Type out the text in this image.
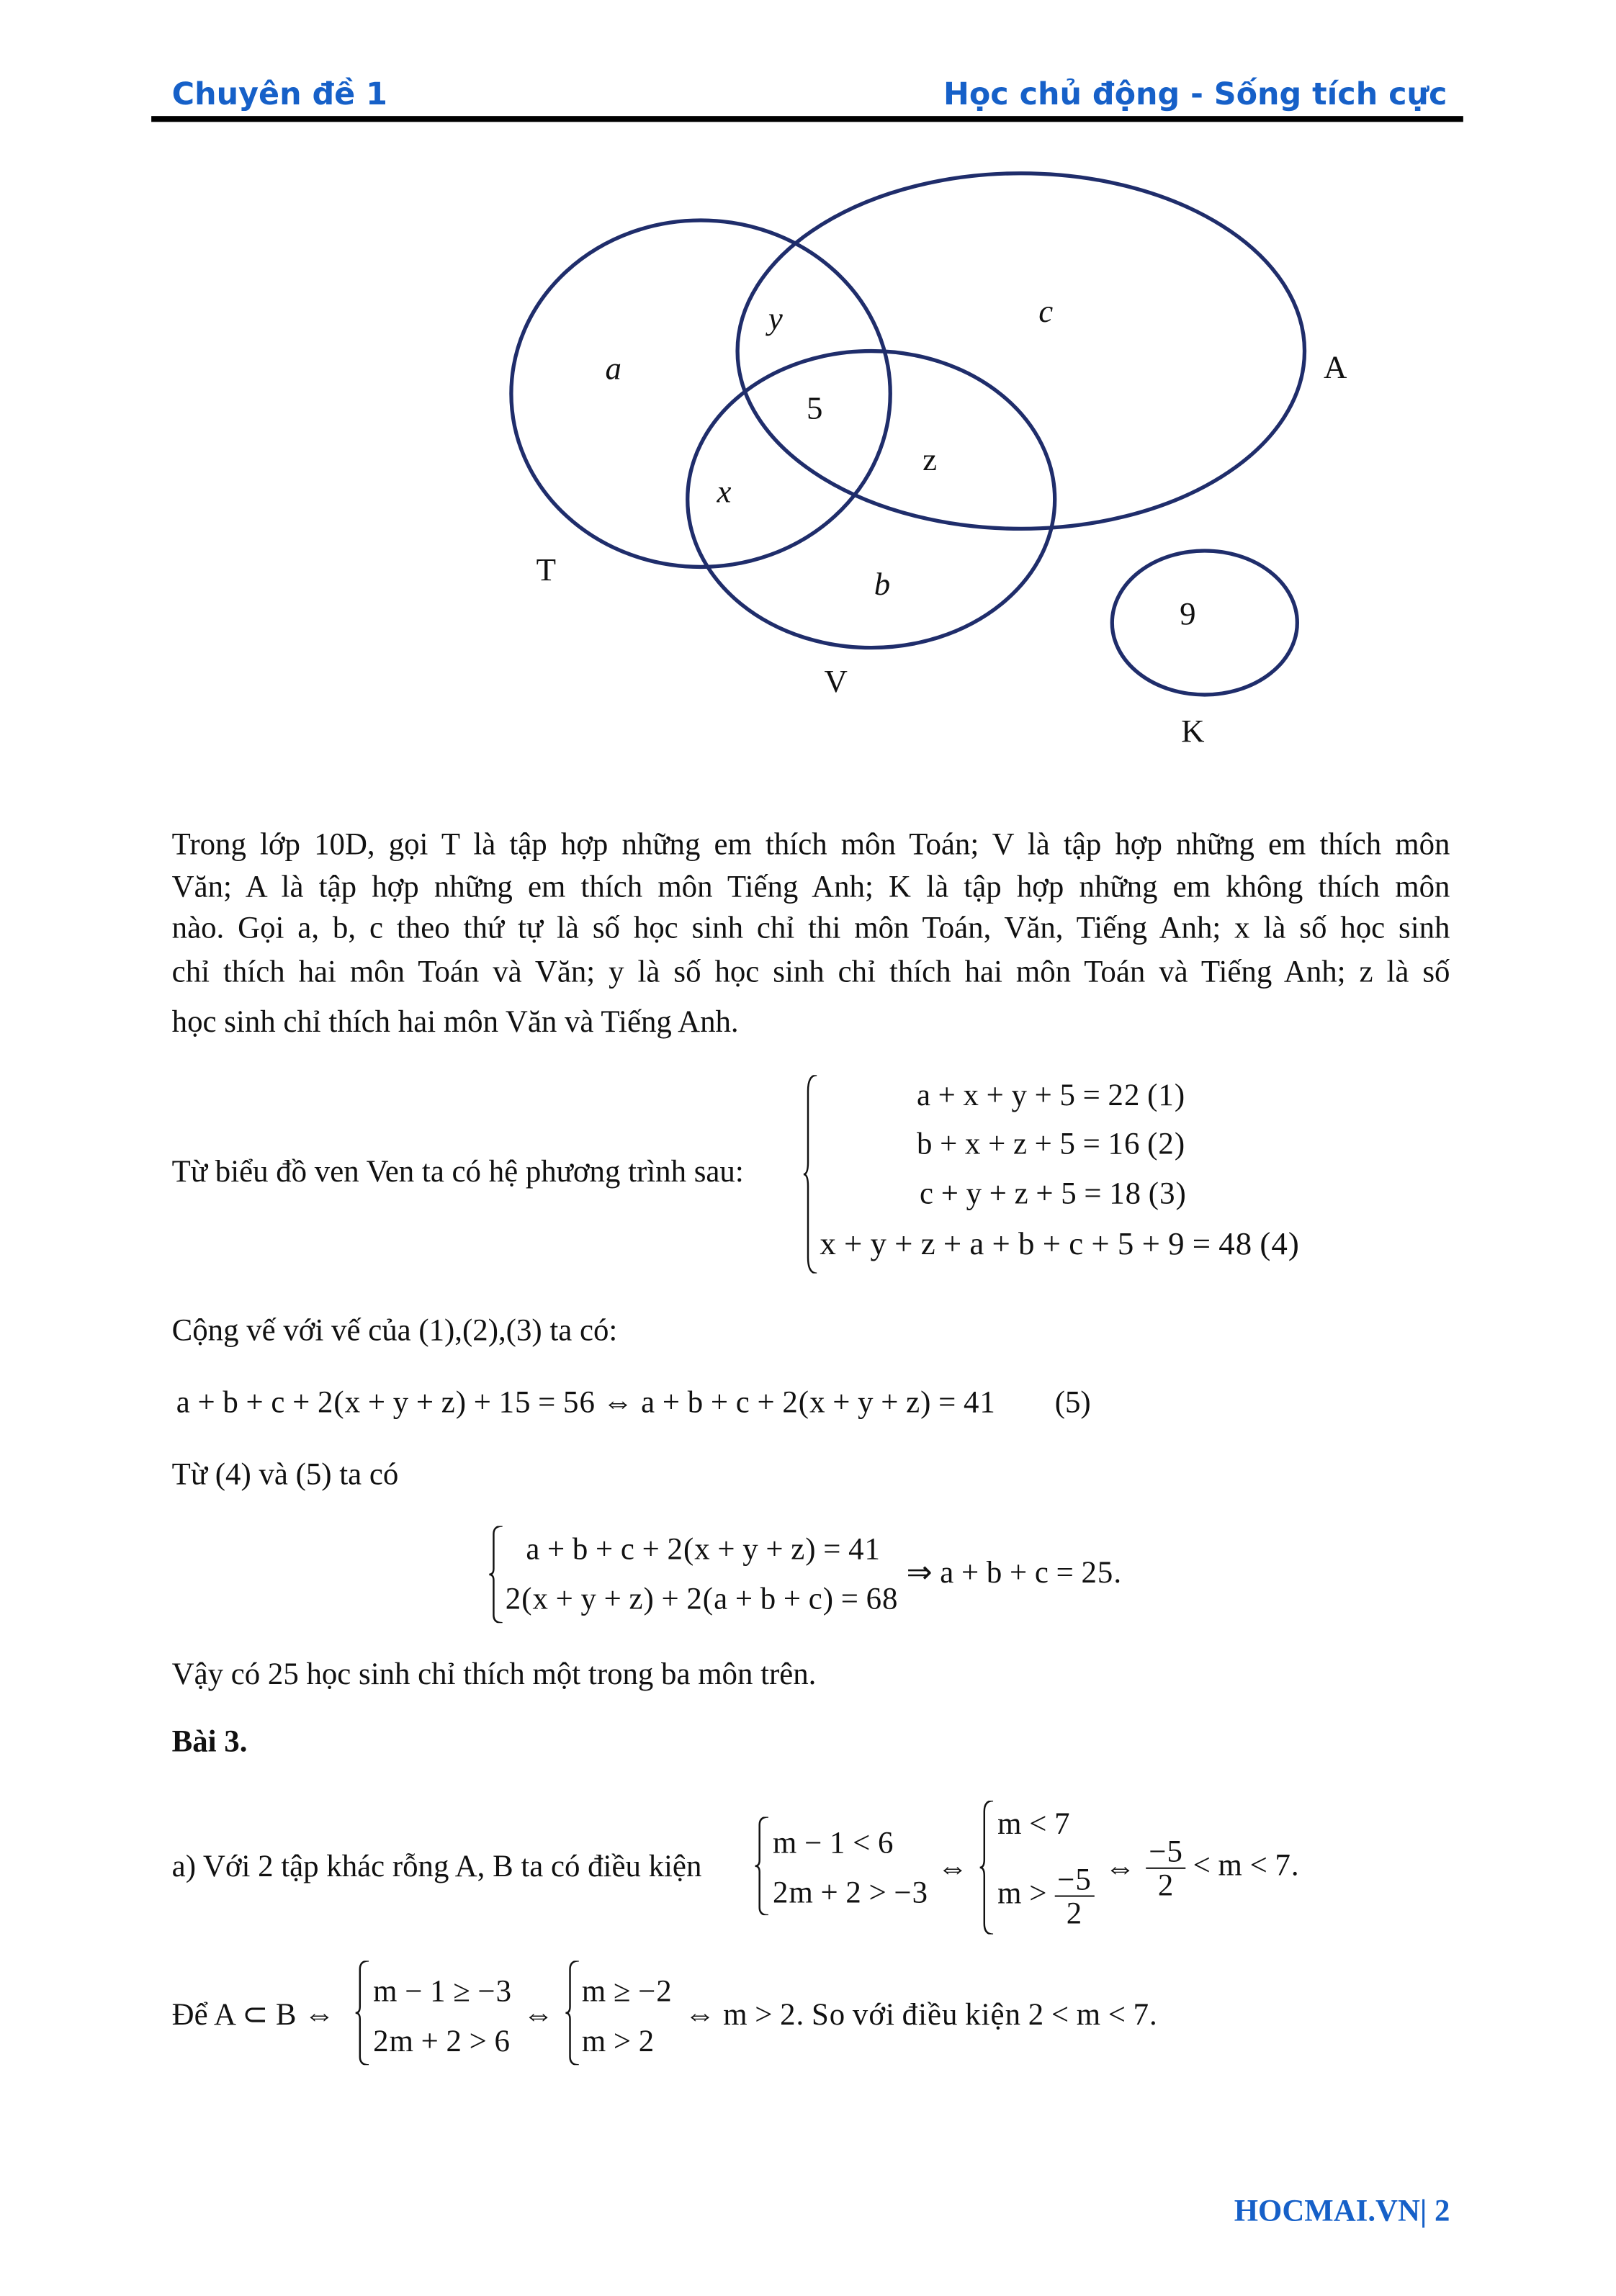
Chuyên đề 1	Học chủ động - Sống tích cực
a
y	c
5
z
x
b
9
A
T
V
K
Trong lớp 10D, gọi T là tập hợp những em thích môn Toán; V là tập hợp những em thích môn
Văn; A là tập hợp những em thích môn Tiếng Anh; K là tập hợp những em không thích môn
nào. Gọi a, b, c theo thứ tự là số học sinh chỉ thi môn Toán, Văn, Tiếng Anh; x là số học sinh
chỉ thích hai môn Toán và Văn; y là số học sinh chỉ thích hai môn Toán và Tiếng Anh; z là số
học sinh chỉ thích hai môn Văn và Tiếng Anh.
Từ biểu đồ ven Ven ta có hệ phương trình sau:
a + x + y + 5 = 22 (1)
b + x + z + 5 = 16 (2)
c + y + z + 5 = 18 (3)
x + y + z + a + b + c + 5 + 9 = 48 (4)
Cộng vế với vế của (1),(2),(3) ta có:
a + b + c + 2(x + y + z) + 15 = 56 ⇔ a + b + c + 2(x + y + z) = 41	(5)
Từ (4) và (5) ta có
a + b + c + 2(x + y + z) = 41
2(x + y + z) + 2(a + b + c) = 68
⇒ a + b + c = 25.
Vậy có 25 học sinh chỉ thích một trong ba môn trên.
Bài 3.
a) Với 2 tập khác rỗng A, B ta có điều kiện
m − 1 < 6
2m + 2 > −3
⇔
m < 7
$m > \frac{-5}{2}$ ⇔ $\frac{-5}{2} < m < 7$.
Để A ⊂ B ⇔
m − 1 ≥ −3
2m + 2 > 6
⇔
m ≥ −2
m > 2
⇔ m > 2. So với điều kiện 2 < m < 7.
HOCMAI.VN| 2
